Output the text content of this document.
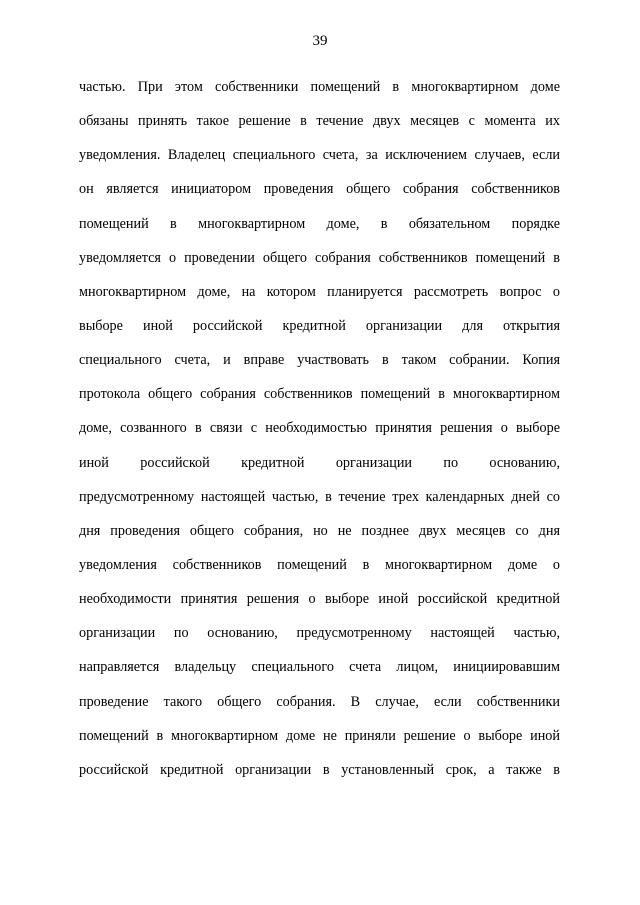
39
частью. При этом собственники помещений в многоквартирном доме
обязаны принять такое решение в течение двух месяцев с момента их
уведомления. Владелец специального счета, за исключением случаев, если
он является инициатором проведения общего собрания собственников
помещений в многоквартирном доме, в обязательном порядке
уведомляется о проведении общего собрания собственников помещений в
многоквартирном доме, на котором планируется рассмотреть вопрос о
выборе иной российской кредитной организации для открытия
специального счета, и вправе участвовать в таком собрании. Копия
протокола общего собрания собственников помещений в многоквартирном
доме, созванного в связи с необходимостью принятия решения о выборе
иной российской кредитной организации по основанию,
предусмотренному настоящей частью, в течение трех календарных дней со
дня проведения общего собрания, но не позднее двух месяцев со дня
уведомления собственников помещений в многоквартирном доме о
необходимости принятия решения о выборе иной российской кредитной
организации по основанию, предусмотренному настоящей частью,
направляется владельцу специального счета лицом, инициировавшим
проведение такого общего собрания. В случае, если собственники
помещений в многоквартирном доме не приняли решение о выборе иной
российской кредитной организации в установленный срок, а также в
